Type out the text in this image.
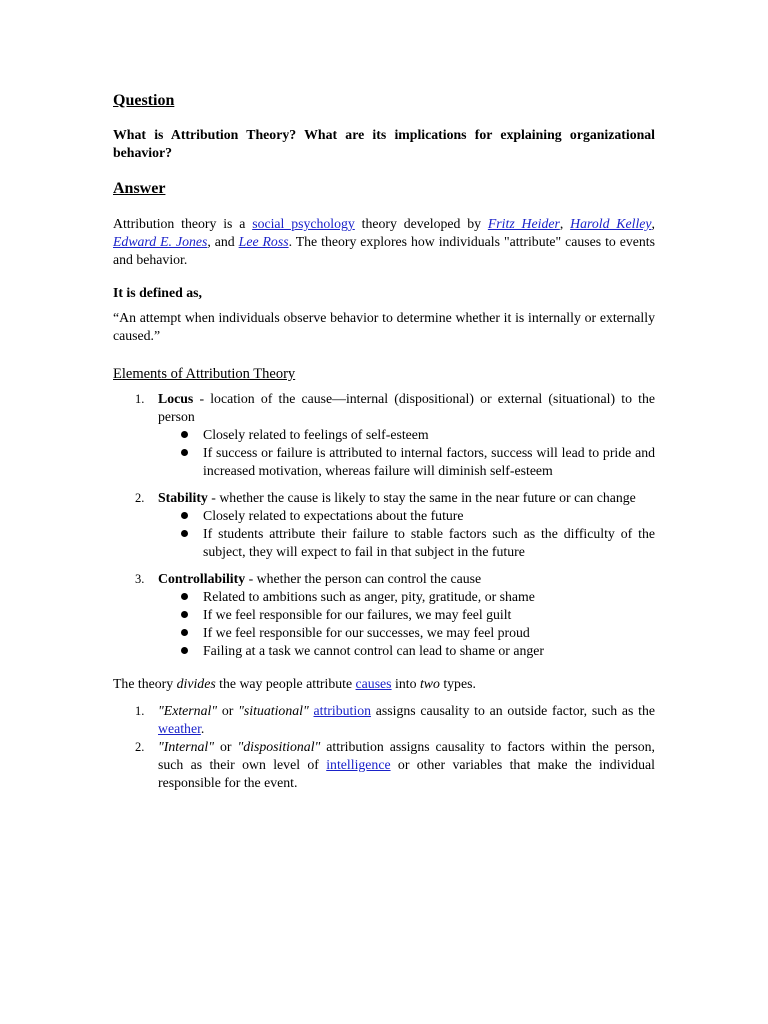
Question

What is Attribution Theory? What are its implications for explaining organizational behavior?

Answer

Attribution theory is a social psychology theory developed by Fritz Heider, Harold Kelley, Edward E. Jones, and Lee Ross. The theory explores how individuals "attribute" causes to events and behavior.

It is defined as,

“An attempt when individuals observe behavior to determine whether it is internally or externally caused.”

Elements of Attribution Theory
1. Locus - location of the cause—internal (dispositional) or external (situational) to the person
Closely related to feelings of self-esteem
If success or failure is attributed to internal factors, success will lead to pride and increased motivation, whereas failure will diminish self-esteem
2. Stability - whether the cause is likely to stay the same in the near future or can change
Closely related to expectations about the future
If students attribute their failure to stable factors such as the difficulty of the subject, they will expect to fail in that subject in the future
3. Controllability - whether the person can control the cause
Related to ambitions such as anger, pity, gratitude, or shame
If we feel responsible for our failures, we may feel guilt
If we feel responsible for our successes, we may feel proud
Failing at a task we cannot control can lead to shame or anger

The theory divides the way people attribute causes into two types.

1. "External" or "situational" attribution assigns causality to an outside factor, such as the weather.
2. "Internal" or "dispositional" attribution assigns causality to factors within the person, such as their own level of intelligence or other variables that make the individual responsible for the event.
